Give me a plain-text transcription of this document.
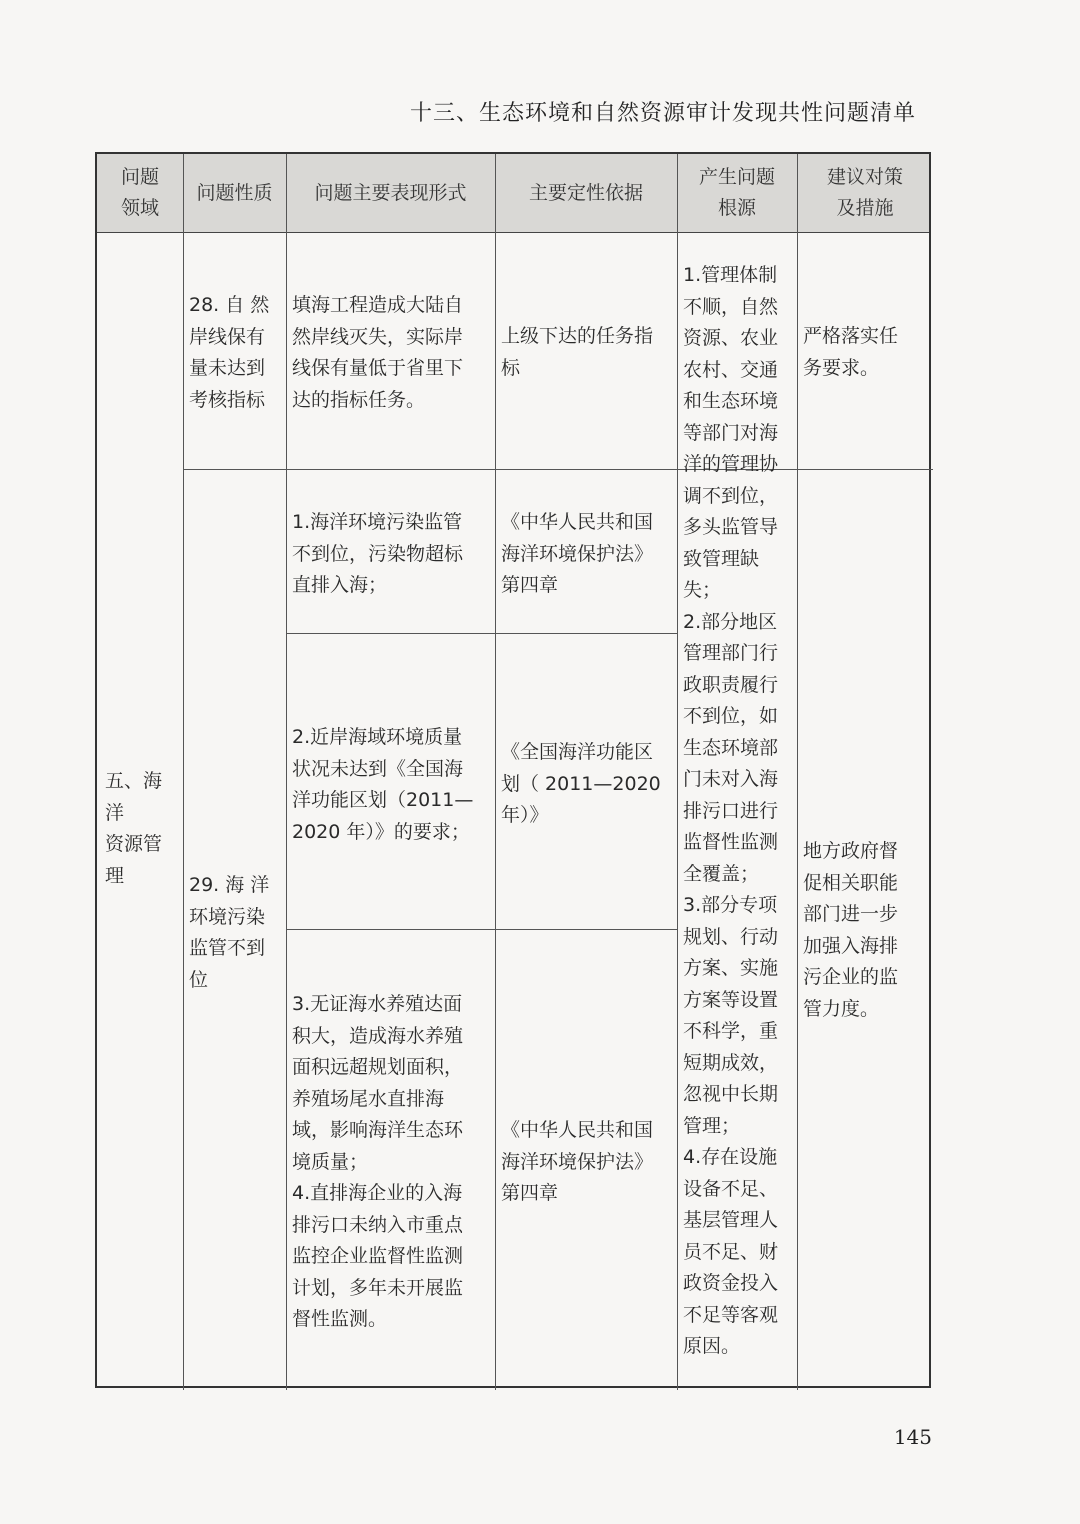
十三、生态环境和自然资源审计发现共性问题清单
问题
领域
问题性质	问题主要表现形式	主要定性依据
产生问题
根源
建议对策
及措施
五、海洋
资源管
理
28. 自 然
岸线保有
量未达到
考核指标
填海工程造成大陆自
然岸线灭失，实际岸
线保有量低于省里下
达的指标任务。
上级下达的任务指
标
严格落实任
务要求。
1.管理体制
不顺，自然
资源、农业
农村、交通
和生态环境
等部门对海
洋的管理协
调不到位，
多头监管导
致管理缺
失；
2.部分地区
管理部门行
政职责履行
不到位，如
生态环境部
门未对入海
排污口进行
监督性监测
全覆盖；
3.部分专项
规划、行动
方案、实施
方案等设置
不科学，重
短期成效，
忽视中长期
管理；
4.存在设施
设备不足、
基层管理人
员不足、财
政资金投入
不足等客观
原因。
29. 海 洋
环境污染
监管不到
位
1.海洋环境污染监管
不到位，污染物超标
直排入海；
《中华人民共和国
海洋环境保护法》
第四章
2.近岸海域环境质量
状况未达到《全国海
洋功能区划（2011—
2020 年）》的要求；
《全国海洋功能区
划（ 2011—2020
年）》
3.无证海水养殖达面
积大，造成海水养殖
面积远超规划面积，
养殖场尾水直排海
域，影响海洋生态环
境质量；
4.直排海企业的入海
排污口未纳入市重点
监控企业监督性监测
计划，多年未开展监
督性监测。
《中华人民共和国
海洋环境保护法》
第四章
地方政府督
促相关职能
部门进一步
加强入海排
污企业的监
管力度。
145
